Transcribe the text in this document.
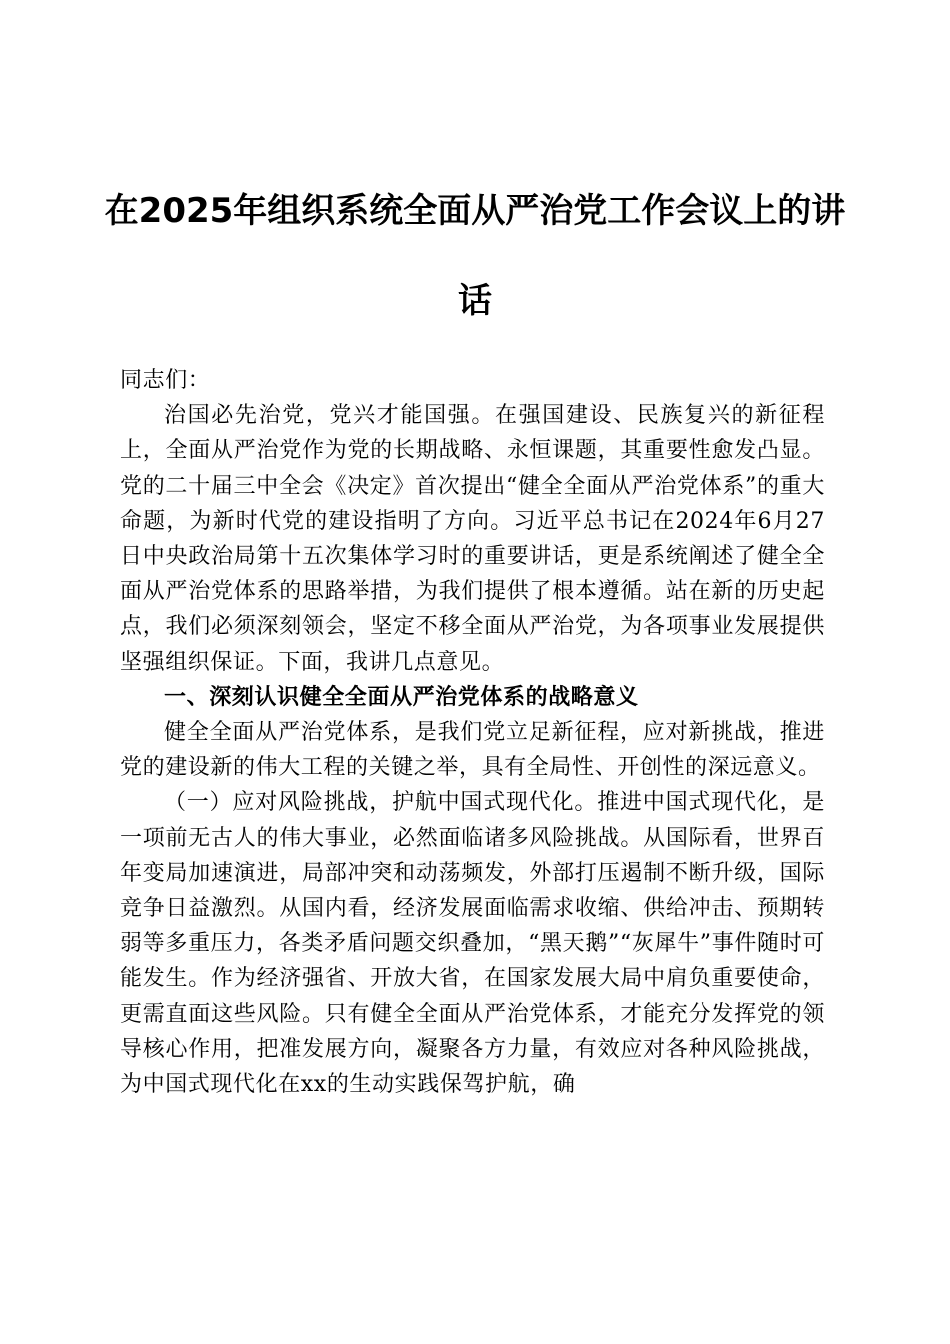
在2025年组织系统全面从严治党工作会议上的讲话

同志们：

治国必先治党，党兴才能国强。在强国建设、民族复兴的新征程上，全面从严治党作为党的长期战略、永恒课题，其重要性愈发凸显。党的二十届三中全会《决定》首次提出“健全全面从严治党体系”的重大命题，为新时代党的建设指明了方向。习近平总书记在2024年6月27日中央政治局第十五次集体学习时的重要讲话，更是系统阐述了健全全面从严治党体系的思路举措，为我们提供了根本遵循。站在新的历史起点，我们必须深刻领会，坚定不移全面从严治党，为各项事业发展提供坚强组织保证。下面，我讲几点意见。

一、深刻认识健全全面从严治党体系的战略意义

健全全面从严治党体系，是我们党立足新征程，应对新挑战，推进党的建设新的伟大工程的关键之举，具有全局性、开创性的深远意义。

（一）应对风险挑战，护航中国式现代化。推进中国式现代化，是一项前无古人的伟大事业，必然面临诸多风险挑战。从国际看，世界百年变局加速演进，局部冲突和动荡频发，外部打压遏制不断升级，国际竞争日益激烈。从国内看，经济发展面临需求收缩、供给冲击、预期转弱等多重压力，各类矛盾问题交织叠加，“黑天鹅”“灰犀牛”事件随时可能发生。作为经济强省、开放大省，在国家发展大局中肩负重要使命，更需直面这些风险。只有健全全面从严治党体系，才能充分发挥党的领导核心作用，把准发展方向，凝聚各方力量，有效应对各种风险挑战，为中国式现代化在xx的生动实践保驾护航，确
